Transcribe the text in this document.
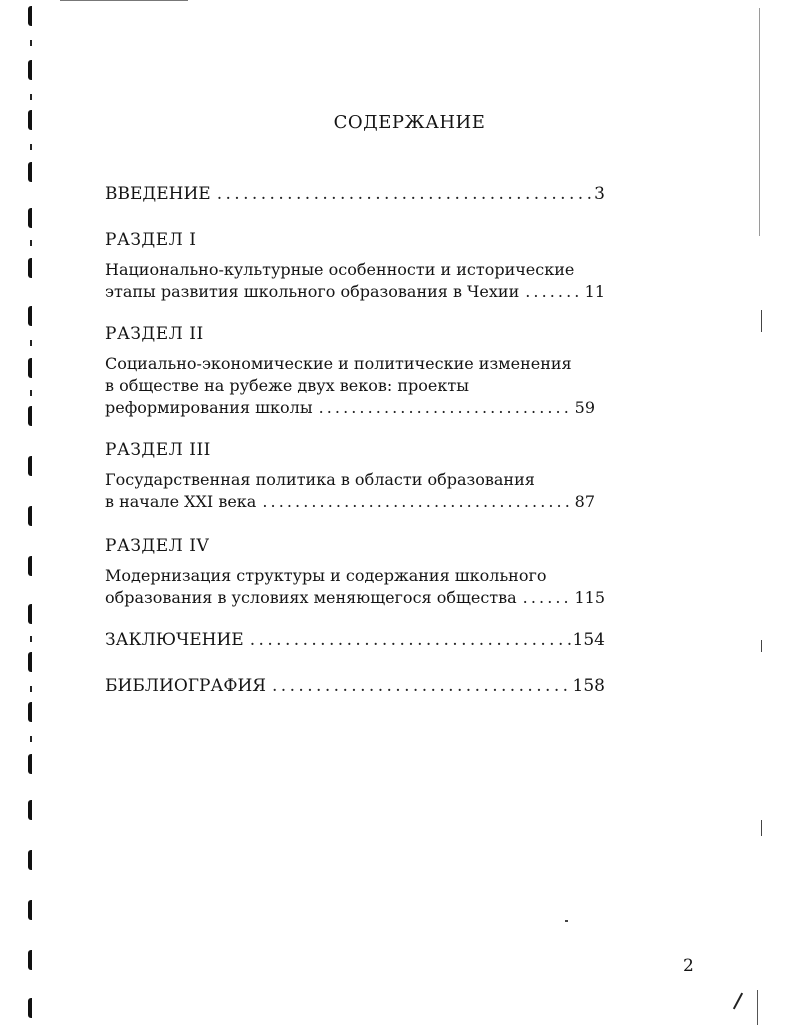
СОДЕРЖАНИЕ
ВВЕДЕНИЕ . . .	3
РАЗДЕЛ I
Национально-культурные особенности и исторические
этапы развития школьного образования в Чехии . . .	11
РАЗДЕЛ II
Социально-экономические и политические изменения
в обществе на рубеже двух веков: проекты
реформирования школы . . .	59
РАЗДЕЛ III
Государственная политика в области образования
в начале XXI века . . .	87
РАЗДЕЛ IV
Модернизация структуры и содержания школьного
образования в условиях меняющегося общества . . .	115
ЗАКЛЮЧЕНИЕ . . .	154
БИБЛИОГРАФИЯ . . .	158
2
